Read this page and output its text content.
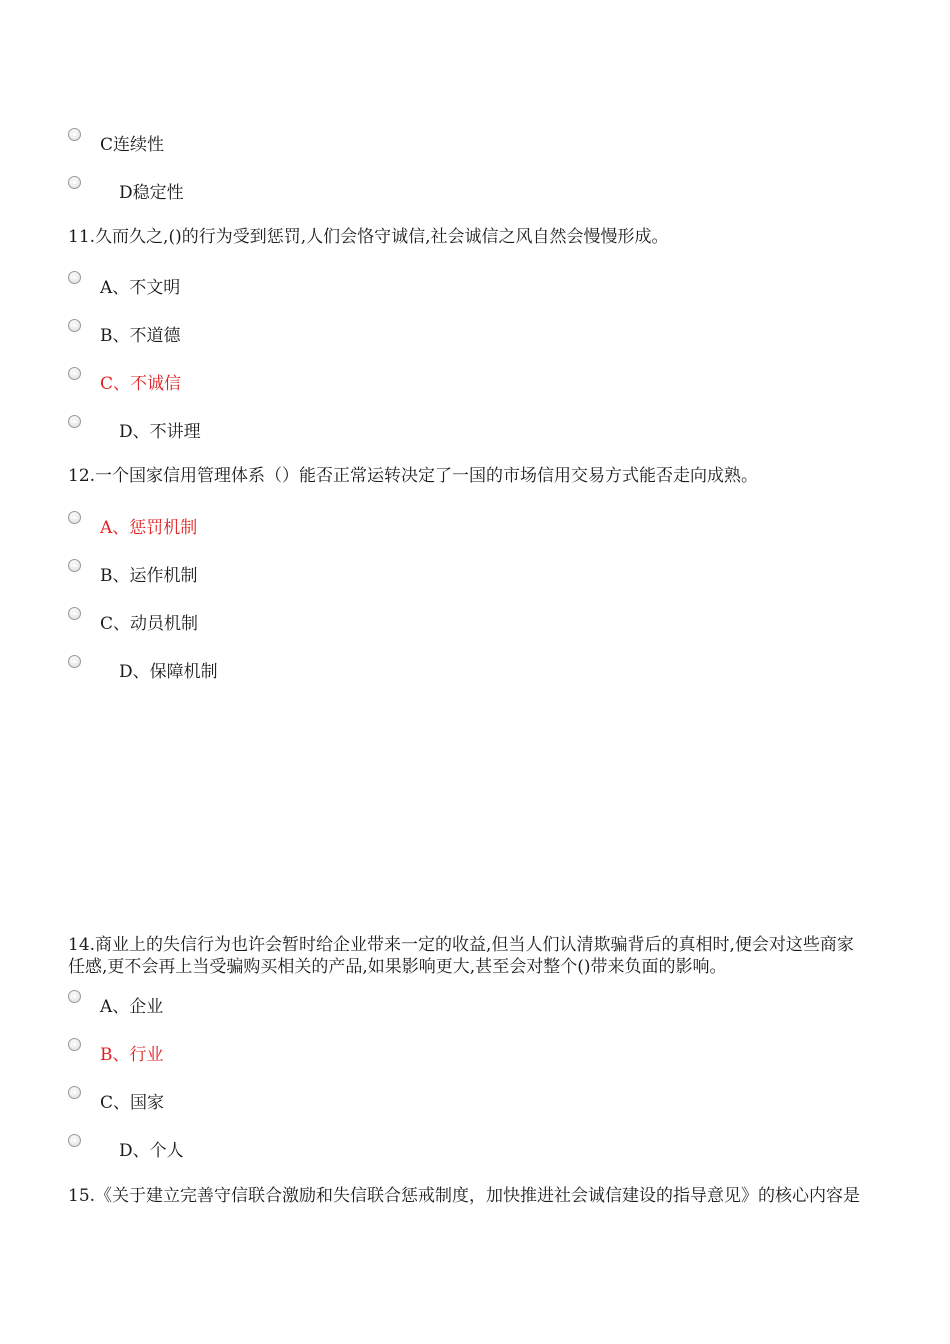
C连续性
D稳定性
11.久而久之,()的行为受到惩罚,人们会恪守诚信,社会诚信之风自然会慢慢形成。
A、不文明
B、不道德
C、不诚信
D、不讲理
12.一个国家信用管理体系（）能否正常运转决定了一国的市场信用交易方式能否走向成熟。
A、惩罚机制
B、运作机制
C、动员机制
D、保障机制
14.商业上的失信行为也许会暂时给企业带来一定的收益,但当人们认清欺骗背后的真相时,便会对这些商家
任感,更不会再上当受骗购买相关的产品,如果影响更大,甚至会对整个()带来负面的影响。
A、企业
B、行业
C、国家
D、个人
15.《关于建立完善守信联合激励和失信联合惩戒制度，加快推进社会诚信建设的指导意见》的核心内容是
